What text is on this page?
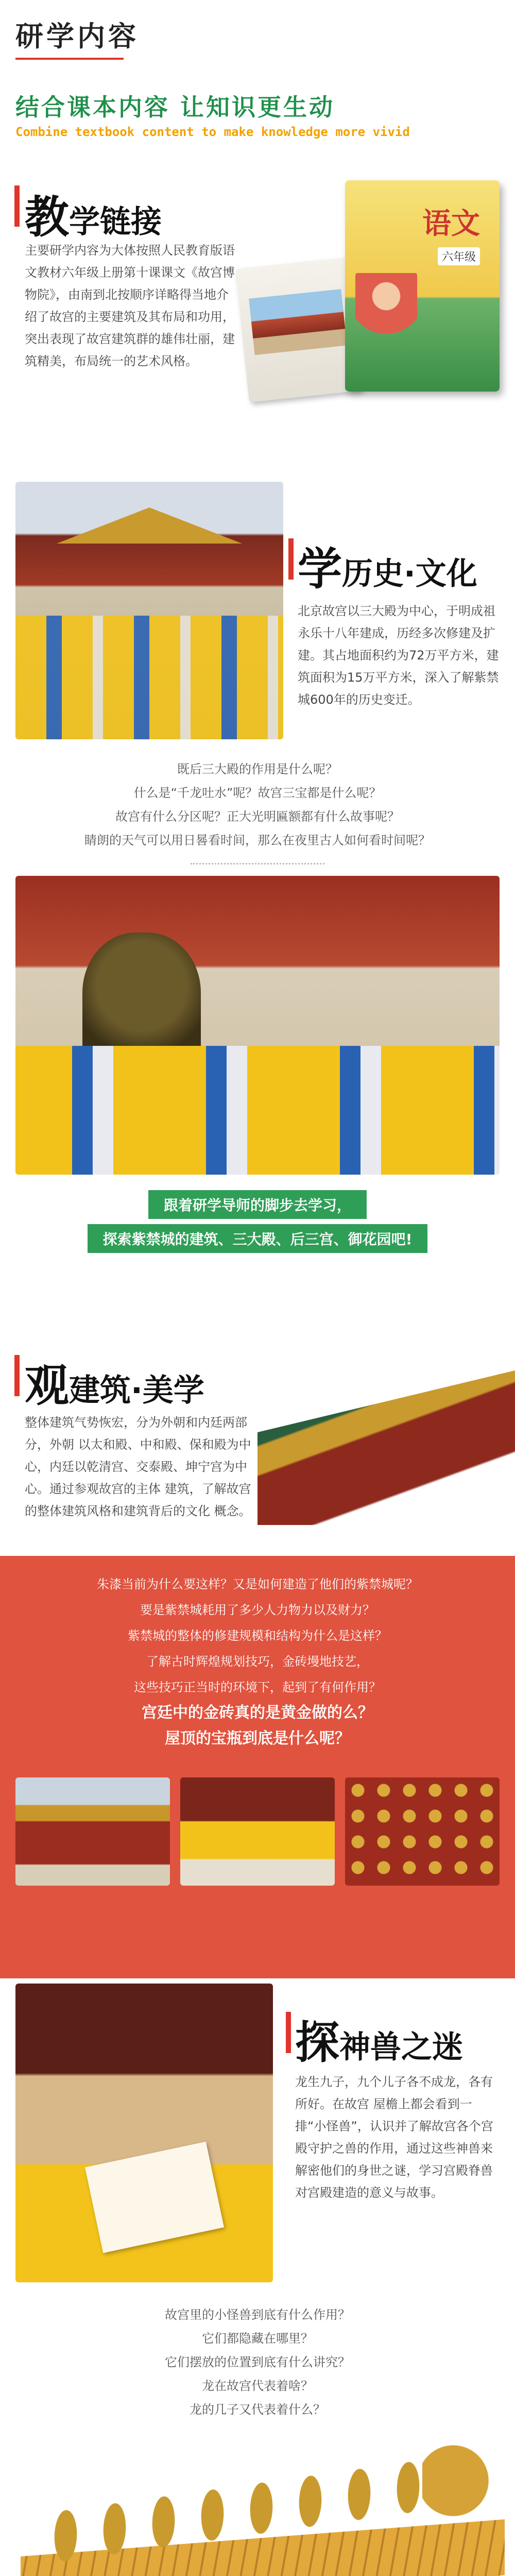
研学内容
结合课本内容 让知识更生动
Combine textbook content to make knowledge more vivid
教学链接
主要研学内容为大体按照人民教育版语文教材六年级上册第十课课文《故宫博物院》，由南到北按顺序详略得当地介绍了故宫的主要建筑及其布局和功用，突出表现了故宫建筑群的雄伟壮丽，建筑精美，布局统一的艺术风格。
语文
六年级
学历史·文化
北京故宫以三大殿为中心，于明成祖永乐十八年建成，历经多次修建及扩建。其占地面积约为72万平方米，建筑面积为15万平方米，深入了解紫禁城600年的历史变迁。
既后三大殿的作用是什么呢？
什么是“千龙吐水”呢？故宫三宝都是什么呢？
故宫有什么分区呢？正大光明匾额都有什么故事呢？
睛朗的天气可以用日晷看时间，那么在夜里古人如何看时间呢？
跟着研学导师的脚步去学习，
探索紫禁城的建筑、三大殿、后三宫、御花园吧!
观建筑·美学
整体建筑气势恢宏，分为外朝和内廷两部分，外朝 以太和殿、中和殿、保和殿为中心，内廷以乾清宫、交泰殿、坤宁宫为中心。通过参观故宫的主体 建筑，了解故宫的整体建筑风格和建筑背后的文化 概念。
朱漆当前为什么要这样？又是如何建造了他们的紫禁城呢？
要是紫禁城耗用了多少人力物力以及财力？
紫禁城的整体的修建规模和结构为什么是这样？
了解古时辉煌规划技巧，金砖墁地技艺，
这些技巧正当时的环境下，起到了有何作用？
宫廷中的金砖真的是黄金做的么？
屋顶的宝瓶到底是什么呢？
探神兽之迷
龙生九子，九个儿子各不成龙，各有所好。在故宫 屋檐上都会看到一排“小怪兽”，认识并了解故宫各个宫殿守护之兽的作用，通过这些神兽来解密他们的身世之谜，学习宫殿脊兽对宫殿建造的意义与故事。
故宫里的小怪兽到底有什么作用？
它们都隐藏在哪里？
它们摆放的位置到底有什么讲究？
龙在故宫代表着啥？
龙的几子又代表着什么？
